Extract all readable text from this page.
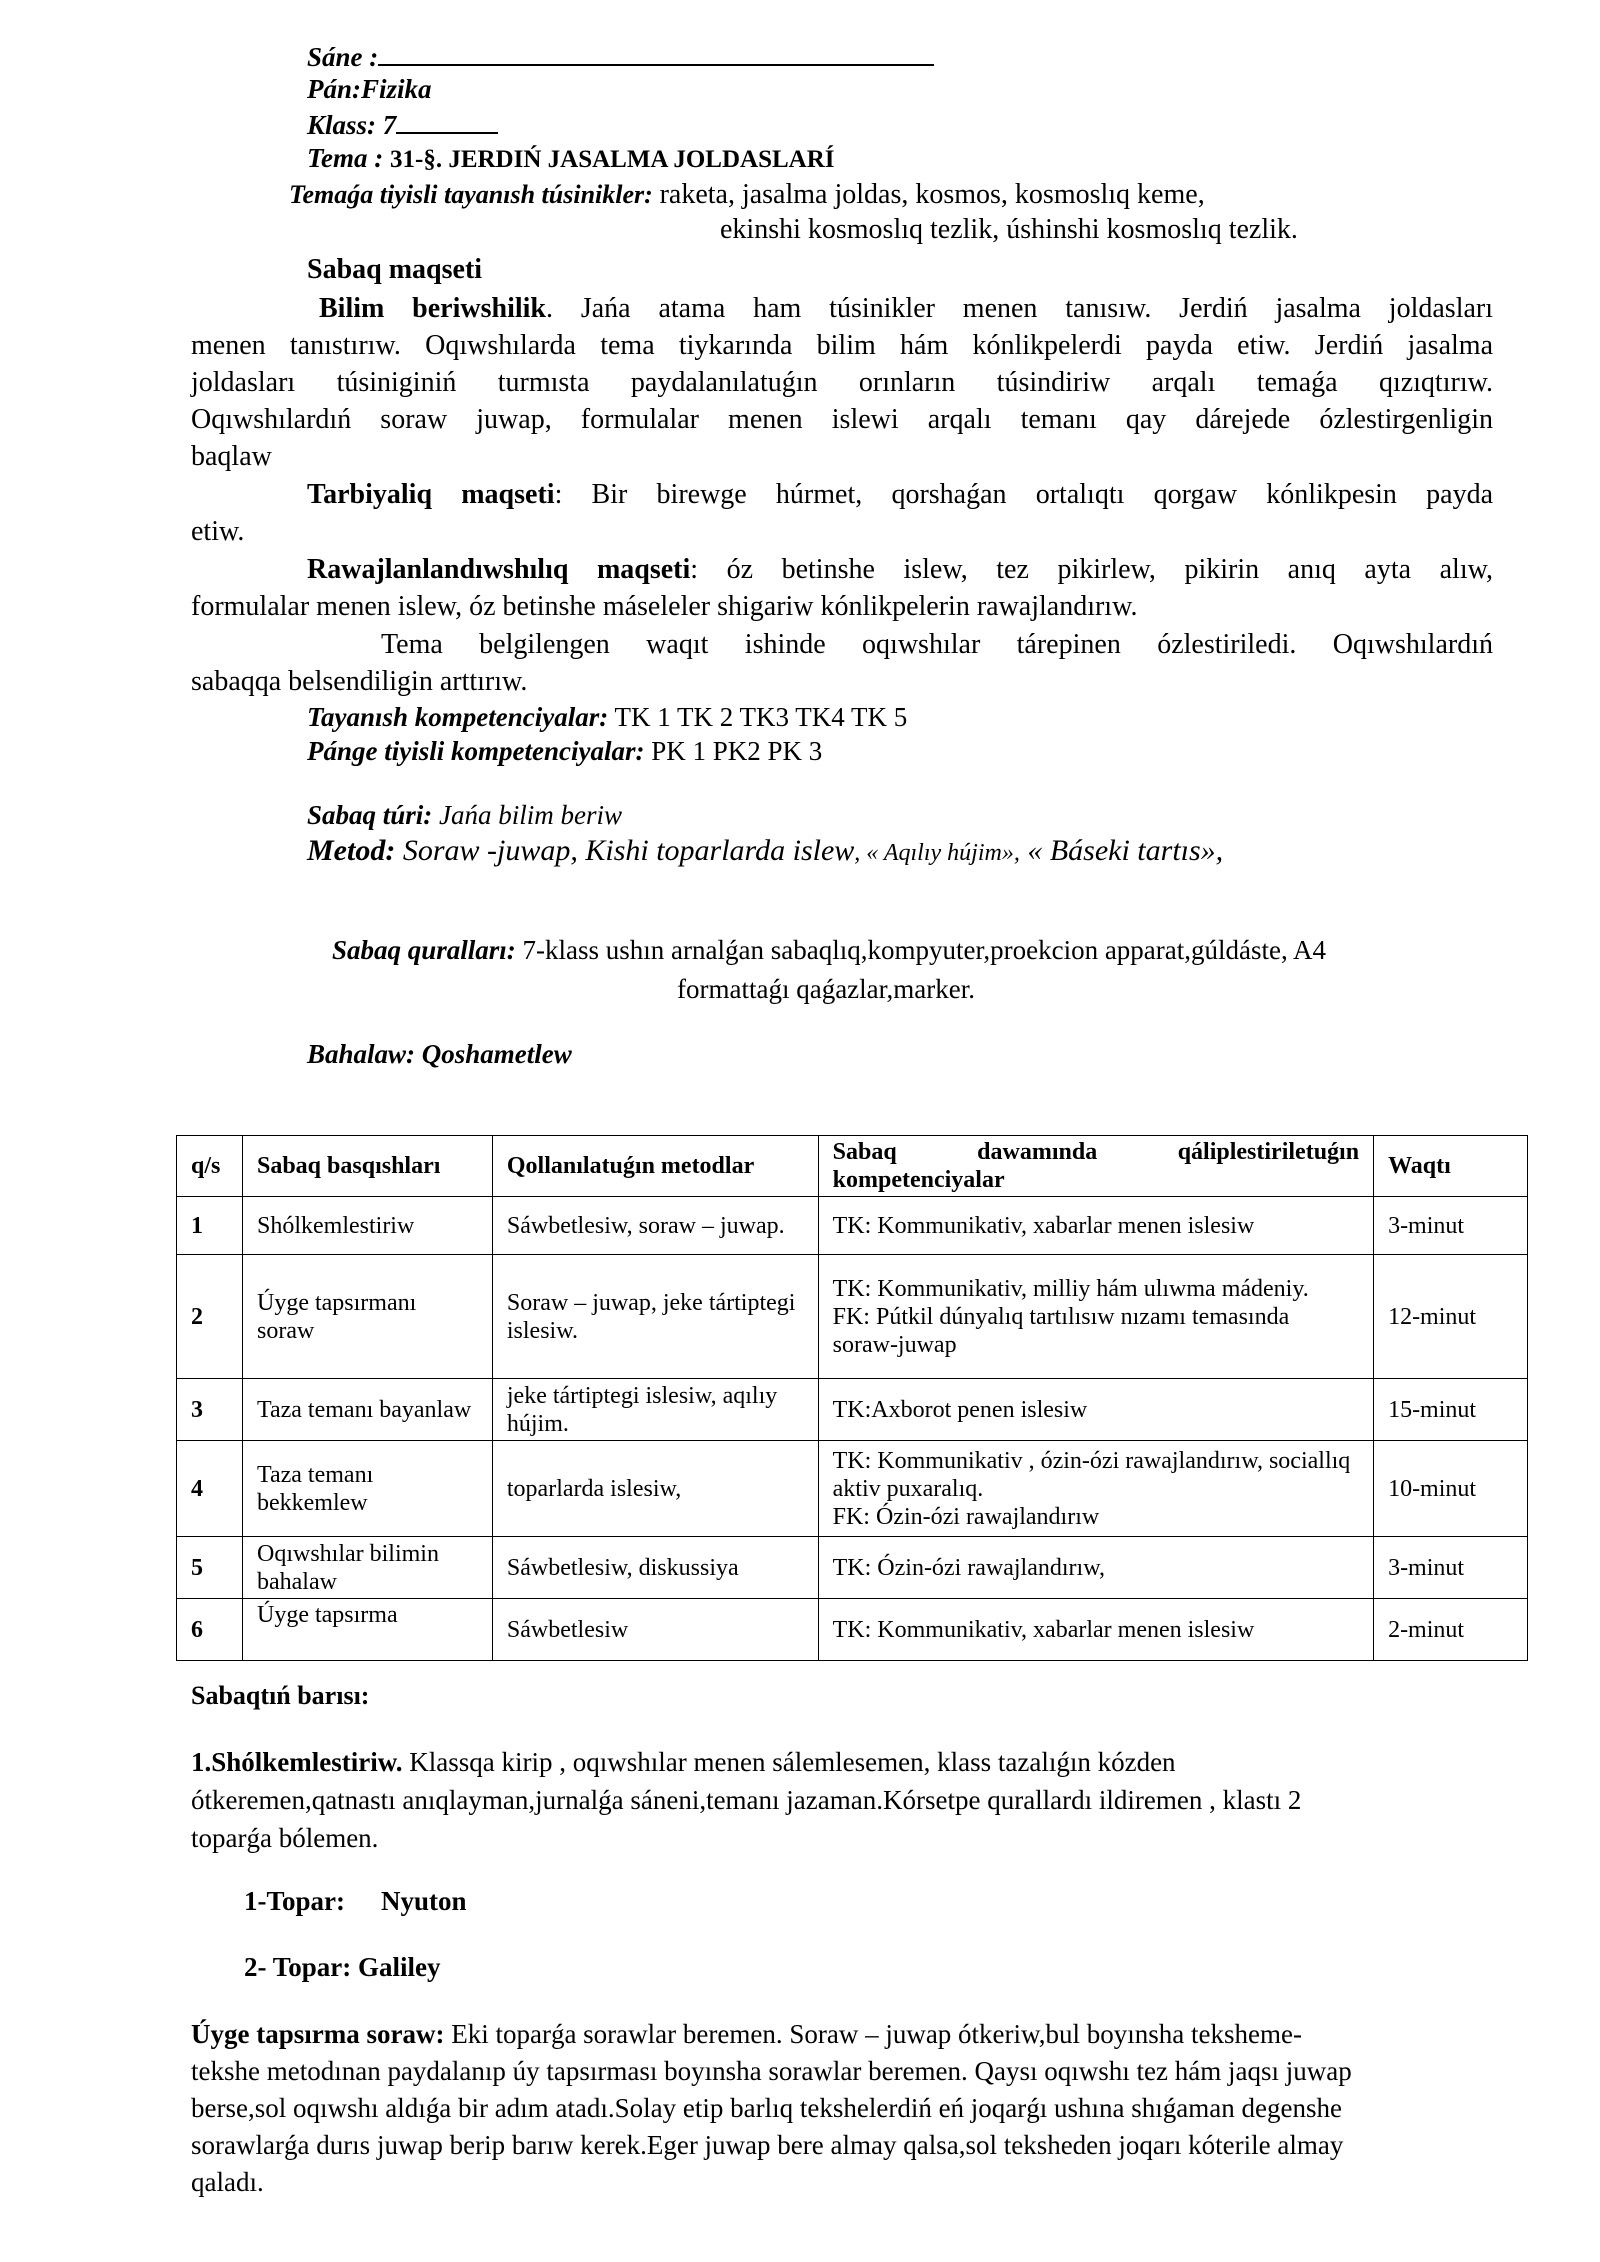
Sáne :
Pán:Fizika
Klass: 7
Tema : 31-§. JERDIŃ JASALMA JOLDASLARÍ
Temaǵa tiyisli tayanısh túsinikler: raketa, jasalma joldas, kosmos, kosmoslıq keme,
ekinshi kosmoslıq tezlik, úshinshi kosmoslıq tezlik.
Sabaq maqseti

Bilim beriwshilik. Jańa atama ham túsinikler menen tanısıw. Jerdiń jasalma joldasları

menen tanıstırıw. Oqıwshılarda tema tiykarında bilim hám kónlikpelerdi payda etiw. Jerdiń jasalma

joldasları túsiniginiń turmısta paydalanılatuǵın orınların túsindiriw arqalı temaǵa qızıqtırıw.

Oqıwshılardıń soraw juwap, formulalar menen islewi arqalı temanı qay dárejede ózlestirgenligin

baqlaw

Tarbiyaliq maqseti: Bir birewge húrmet, qorshaǵan ortalıqtı qorgaw kónlikpesin payda

etiw.

Rawajlanlandıwshılıq maqseti: óz betinshe islew, tez pikirlew, pikirin anıq ayta alıw,

formulalar menen islew, óz betinshe máseleler shigariw kónlikpelerin rawajlandırıw.

Tema belgilengen waqıt ishinde oqıwshılar tárepinen ózlestiriledi. Oqıwshılardıń

sabaqqa belsendiligin arttırıw.

Tayanısh kompetenciyalar: TK 1 TK 2 TK3 TK4 TK 5
Pánge tiyisli kompetenciyalar: PK 1 PK2 PK 3
Sabaq túri: Jańa bilim beriw
Metod: Soraw -juwap, Kishi toparlarda islew, « Aqılıy hújim», « Báseki tartıs»,
Sabaq quralları: 7-klass ushın arnalǵan sabaqlıq,kompyuter,proekcion apparat,gúldáste, A4
formattaǵı qaǵazlar,marker.
Bahalaw: Qoshametlew
q/s	Sabaq basqıshları	Qollanılatuǵın metodlar	Sabaq dawamında qáliplestiriletuǵın kompetenciyalar	Waqtı
1	Shólkemlestiriw	Sáwbetlesiw, soraw – juwap.	TK: Kommunikativ, xabarlar menen islesiw	3-minut
2	Úyge tapsırmanı soraw	Soraw – juwap, jeke tártiptegi islesiw.	TK: Kommunikativ, milliy hám ulıwma mádeniy.
FK: Pútkil dúnyalıq tartılısıw nızamı temasında soraw-juwap	12-minut
3	Taza temanı bayanlaw	jeke tártiptegi islesiw, aqılıy hújim.	TK:Axborot penen islesiw	15-minut
4	Taza temanı bekkemlew	toparlarda islesiw,	TK: Kommunikativ , ózin-ózi rawajlandırıw, sociallıq aktiv puxaralıq.
FK: Ózin-ózi rawajlandırıw	10-minut
5	Oqıwshılar bilimin bahalaw	Sáwbetlesiw, diskussiya	TK: Ózin-ózi rawajlandırıw,	3-minut
6	Úyge tapsırma	Sáwbetlesiw	TK: Kommunikativ, xabarlar menen islesiw	2-minut
Sabaqtıń barısı:
1.Shólkemlestiriw. Klassqa kirip , oqıwshılar menen sálemlesemen, klass tazalıǵın kózden
ótkeremen,qatnastı anıqlayman,jurnalǵa sáneni,temanı jazaman.Kórsetpe qurallardı ildiremen , klastı 2
toparǵa bólemen.
1-Topar: Nyuton
2- Topar: Galiley
Úyge tapsırma soraw: Eki toparǵa sorawlar beremen. Soraw – juwap ótkeriw,bul boyınsha teksheme-
tekshe metodınan paydalanıp úy tapsırması boyınsha sorawlar beremen. Qaysı oqıwshı tez hám jaqsı juwap
berse,sol oqıwshı aldıǵa bir adım atadı.Solay etip barlıq tekshelerdiń eń joqarǵı ushına shıǵaman degenshe
sorawlarǵa durıs juwap berip barıw kerek.Eger juwap bere almay qalsa,sol teksheden joqarı kóterile almay
qaladı.
